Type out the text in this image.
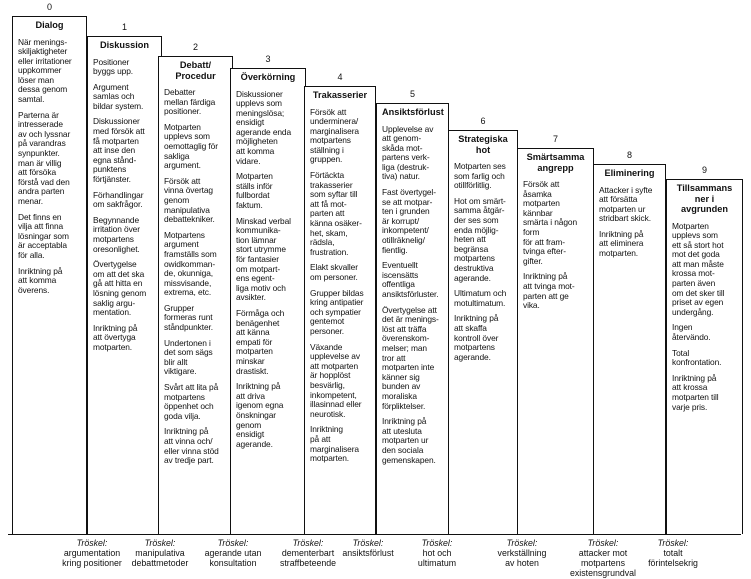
0
Dialog
När menings-
skiljaktigheter
eller irritationer
uppkommer
löser man
dessa genom
samtal.
Parterna är
intresserade
av och lyssnar
på varandras
synpunkter.
man är villig
att försöka
förstå vad den
andra parten
menar.
Det finns en
vilja att finna
lösningar som
är acceptabla
för alla.
Inriktning på
att komma
överens.
1
Diskussion
Positioner
byggs upp.
Argument
samlas och
bildar system.
Diskussioner
med försök att
få motparten
att inse den
egna stånd-
punktens
förtjänster.
Förhandlingar
om sakfrågor.
Begynnande
irritation över
motpartens
oresonlighet.
Övertygelse
om att det ska
gå att hitta en
lösning genom
saklig argu-
mentation.
Inriktning på
att övertyga
motparten.
Tröskel:
argumentation
kring positioner
2
Debatt/
Procedur
Debatter
mellan färdiga
positioner.
Motparten
upplevs som
oemottaglig för
sakliga
argument.
Försök att
vinna övertag
genom
manipulativa
debattekniker.
Motpartens
argument
framställs som
owidkomman-
de, okunniga,
missvisande,
extrema, etc.
Grupper
formeras runt
ståndpunkter.
Undertonen i
det som sägs
blir allt
viktigare.
Svårt att lita på
motpartens
öppenhet och
goda vilja.
Inriktning på
att vinna och/
eller vinna stöd
av tredje part.
Tröskel:
manipulativa
debattmetoder
3
Överkörning
Diskussioner
upplevs som
meningslösa;
ensidigt
agerande enda
möjligheten
att komma
vidare.
Motparten
ställs inför
fullbordat
faktum.
Minskad verbal
kommunika-
tion lämnar
stort utrymme
för fantasier
om motpart-
ens egent-
liga motiv och
avsikter.
Förmåga och
benägenhet
att känna
empati för
motparten
minskar
drastiskt.
Inriktning på
att driva
igenom egna
önskningar
genom
ensidigt
agerande.
Tröskel:
agerande utan
konsultation
4
Trakasserier
Försök att
underminera/
marginalisera
motpartens
ställning i
gruppen.
Förtäckta
trakasserier
som syftar till
att få mot-
parten att
känna osäker-
het, skam,
rädsla,
frustration.
Elakt skvaller
om personer.
Grupper bildas
kring antipatier
och sympatier
gentemot
personer.
Växande
upplevelse av
att motparten
är hopplöst
besvärlig,
inkompetent,
illasinnad eller
neurotisk.
Inriktning
på att
marginalisera
motparten.
Tröskel:
dementerbart
straffbeteende
5
Ansiktsförlust
Upplevelse av
att genom-
skåda mot-
partens verk-
liga (destruk-
tiva) natur.
Fast övertygel-
se att motpar-
ten i grunden
är korrupt/
inkompetent/
otillräknelig/
fientlig.
Eventuellt
iscensätts
offentliga
ansiktsförluster.
Övertygelse att
det är menings-
löst att träffa
överenskom-
melser; man
tror att
motparten inte
känner sig
bunden av
moraliska
förpliktelser.
Inriktning på
att utesluta
motparten ur
den sociala
gemenskapen.
Tröskel:
ansiktsförlust
6
Strategiska
hot
Motparten ses
som farlig och
otillförlitlig.
Hot om smärt-
samma åtgär-
der ses som
enda möjlig-
heten att
begränsa
motpartens
destruktiva
agerande.
Ultimatum och
motultimatum.
Inriktning på
att skaffa
kontroll över
motpartens
agerande.
Tröskel:
hot och
ultimatum
7
Smärtsamma
angrepp
Försök att
åsamka
motparten
kännbar
smärta i någon
form
för att fram-
tvinga efter-
gifter.
Inriktning på
att tvinga mot-
parten att ge
vika.
Tröskel:
verkställning
av hoten
8
Eliminering
Attacker i syfte
att försätta
motparten ur
stridbart skick.
Inriktning på
att eliminera
motparten.
Tröskel:
attacker mot
motpartens
existensgrundval
9
Tillsammans
ner i
avgrunden
Motparten
upplevs som
ett så stort hot
mot det goda
att man måste
krossa mot-
parten även
om det sker till
priset av egen
undergång.
Ingen
återvändo.
Total
konfrontation.
Inriktning på
att krossa
motparten till
varje pris.
Tröskel:
totalt
förintelsekrig
